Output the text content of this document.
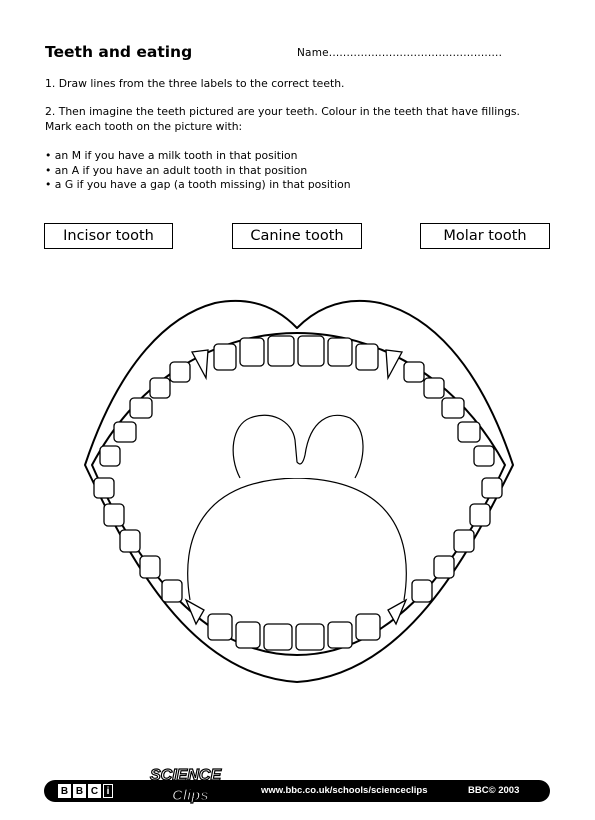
Teeth and eating	Name.................................................
1. Draw lines from the three labels to the correct teeth.
2. Then imagine the teeth pictured are your teeth. Colour in the teeth that have fillings. Mark each tooth on the picture with:
• an M if you have a milk tooth in that position
• an A if you have an adult tooth in that position
• a G if you have a gap (a tooth missing) in that position
Incisor tooth	Canine tooth	Molar tooth
B B C i
SCIENCE
Clips	www.bbc.co.uk/schools/scienceclips	BBC© 2003
